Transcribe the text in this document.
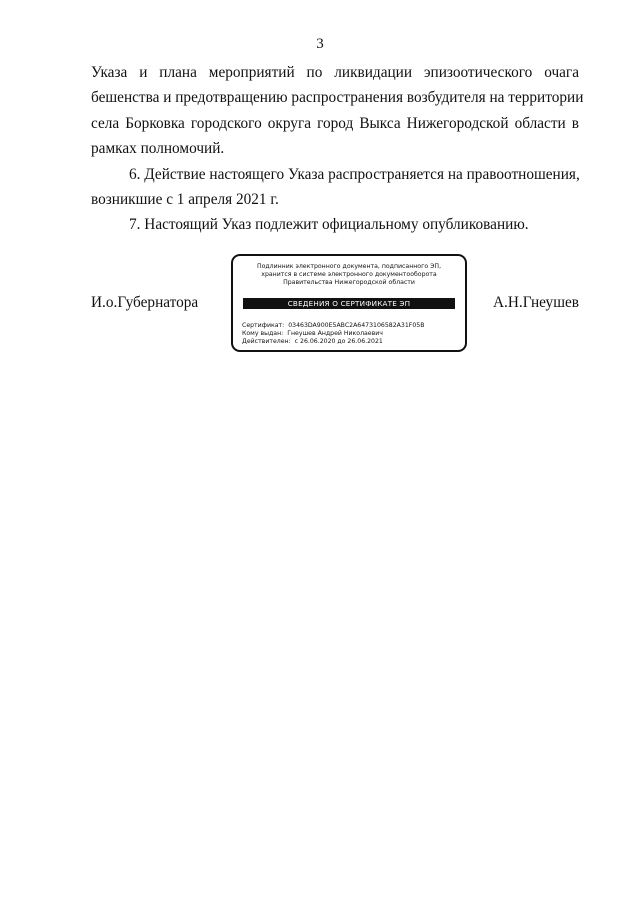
3
Указа и плана мероприятий по ликвидации эпизоотического очага
бешенства и предотвращению распространения возбудителя на территории
села Борковка городского округа город Выкса Нижегородской области в
рамках полномочий.
6. Действие настоящего Указа распространяется на правоотношения,
возникшие с 1 апреля 2021 г.
7. Настоящий Указ подлежит официальному опубликованию.
И.о.Губернатора
Подлинник электронного документа, подписанного ЭП,
хранится в системе электронного документооборота
Правительства Нижегородской области
СВЕДЕНИЯ О СЕРТИФИКАТЕ ЭП
Сертификат: 03463DA900E5ABC2A6473106582A31F05B
Кому выдан: Гнеушев Андрей Николаевич
Действителен: с 26.06.2020 до 26.06.2021
А.Н.Гнеушев
